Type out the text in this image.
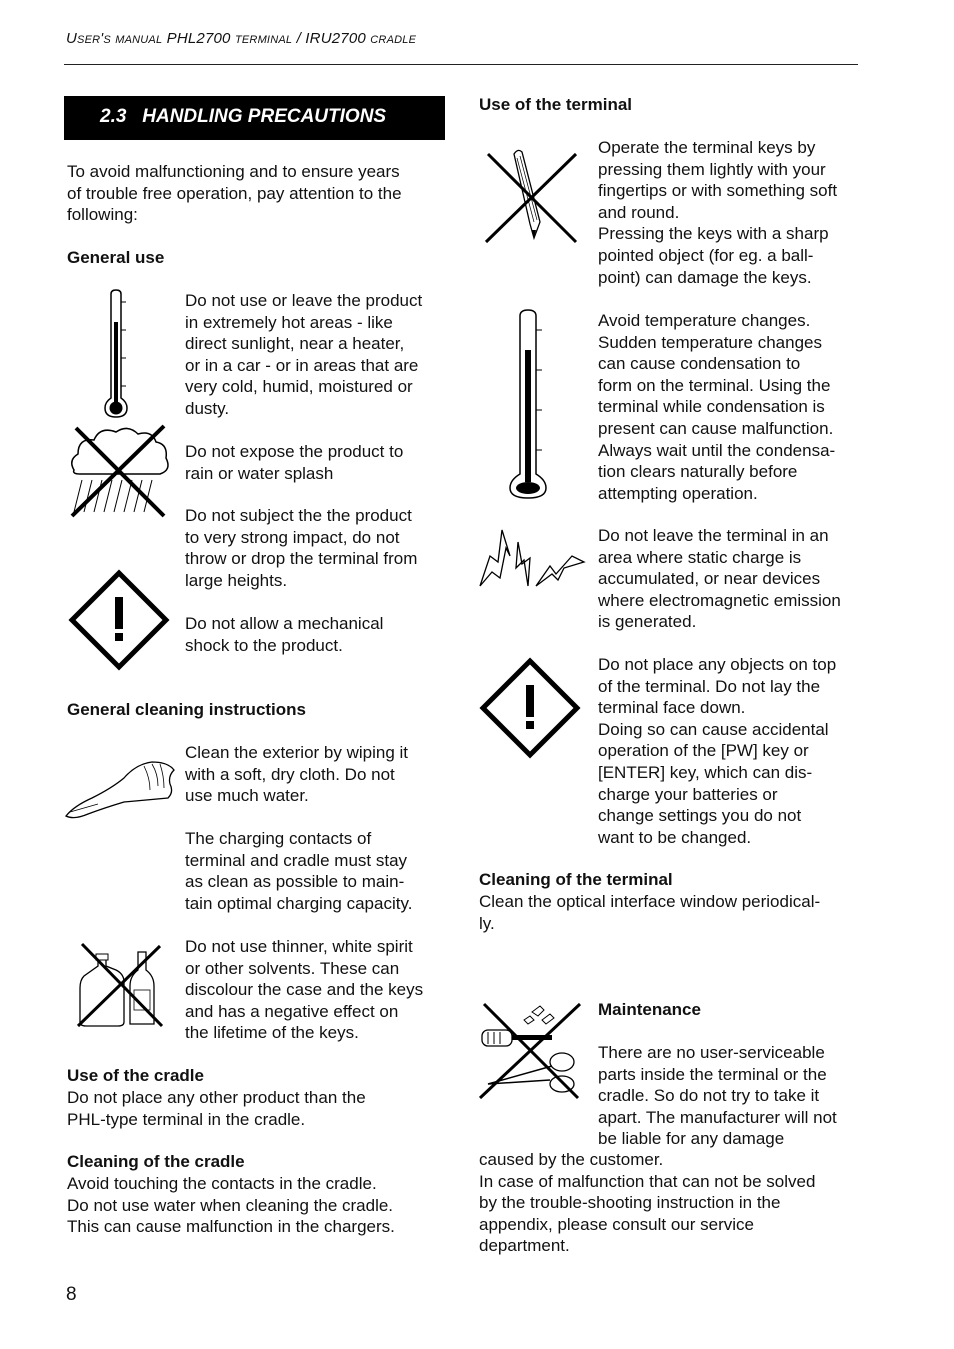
User's manual PHL2700 terminal / IRU2700 cradle
2.3   HANDLING PRECAUTIONS
To avoid malfunctioning and to ensure years
of trouble free operation, pay attention to the
following:
General use
Do not use or leave the product
in extremely hot areas - like
direct sunlight, near a heater,
or in a car - or in areas that are
very cold, humid, moistured or
dusty.
Do not expose the product to
rain or water splash
Do not subject the the product
to very strong impact, do not
throw or drop the terminal from
large heights.
Do not allow a mechanical
shock to the product.
General cleaning instructions
Clean the exterior by wiping it
with a soft, dry cloth. Do not
use much water.
The charging contacts of
terminal and cradle must stay
as clean as possible to main-
tain optimal charging capacity.
Do not use thinner, white spirit
or other solvents. These can
discolour the case and the keys
and has a negative effect on
the lifetime of the keys.
Use of the cradle
Do not place any other product than the
PHL-type terminal in the cradle.
Cleaning of the cradle
Avoid touching the contacts in the cradle.
Do not use water when cleaning the cradle.
This can cause malfunction in the chargers.
Use of the terminal
Operate the terminal keys by
pressing them lightly with your
fingertips or with something soft
and round.
Pressing the keys with a sharp
pointed object (for eg. a ball-
point) can damage the keys.
Avoid temperature changes.
Sudden temperature changes
can cause condensation to
form on the terminal. Using the
terminal while condensation is
present can cause malfunction.
Always wait until the condensa-
tion clears naturally before
attempting operation.
Do not leave the terminal in an
area where static charge is
accumulated, or near devices
where electromagnetic emission
is generated.
Do not place any objects on top
of the terminal. Do not lay the
terminal face down.
Doing so can cause accidental
operation of the [PW] key or
[ENTER] key, which can dis-
charge your batteries or
change settings you do not
want to be changed.
Cleaning of the terminal
Clean the optical interface window periodical-
ly.
Maintenance
There are no user-serviceable
parts inside the terminal or the
cradle. So do not try to take it
apart. The manufacturer will not
be liable for any damage
caused by the customer.
In case of malfunction that can not be solved
by the trouble-shooting instruction in the
appendix, please consult our service
department.
8
